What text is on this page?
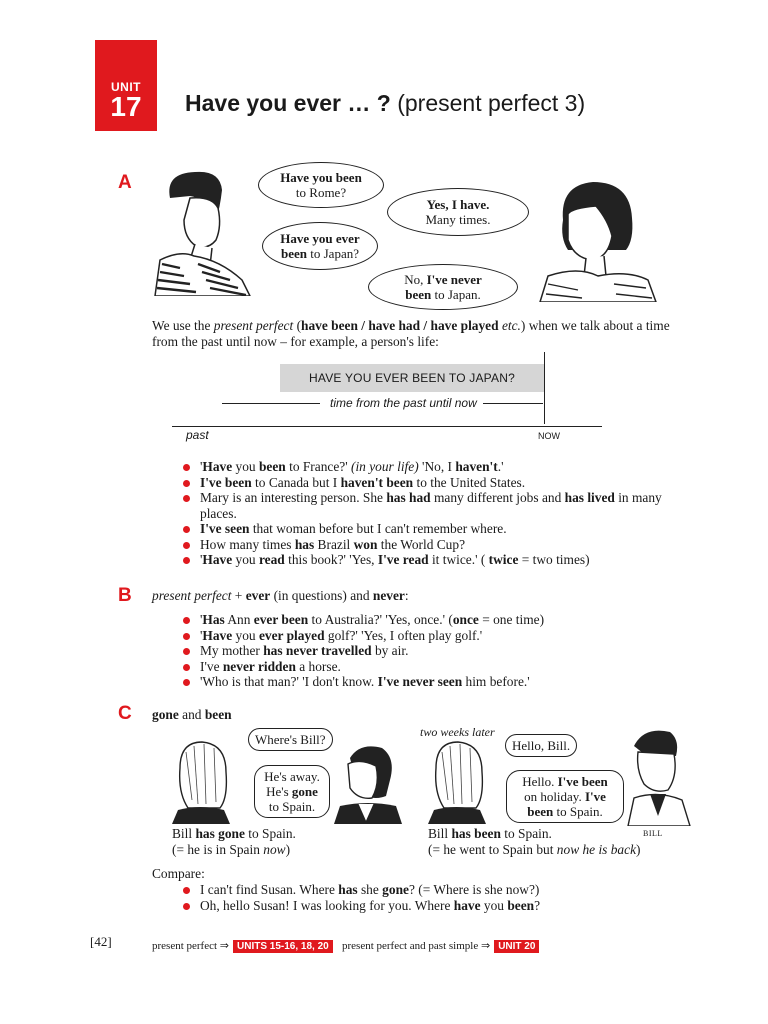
UNIT
17	Have you ever … ? (present perfect 3)
A	Have you been
to Rome?
Yes, I have.
Many times.
Have you ever
been to Japan?
No, I've never
been to Japan.
We use the present perfect (have been / have had / have played etc.) when we talk about a time
from the past until now – for example, a person's life:
HAVE YOU EVER BEEN TO JAPAN?
time from the past until now
past	NOW
'Have you been to France?' (in your life) 'No, I haven't.'
I've been to Canada but I haven't been to the United States.
Mary is an interesting person. She has had many different jobs and has lived in many
places.
I've seen that woman before but I can't remember where.
How many times has Brazil won the World Cup?
'Have you read this book?' 'Yes, I've read it twice.' ( twice = two times)
B present perfect + ever (in questions) and never:
'Has Ann ever been to Australia?' 'Yes, once.' (once = one time)
'Have you ever played golf?' 'Yes, I often play golf.'
My mother has never travelled by air.
I've never ridden a horse.
'Who is that man?' 'I don't know. I've never seen him before.'
C gone and been
Where's Bill?
He's away.
He's gone
to Spain.
Bill has gone to Spain.
(= he is in Spain now)
two weeks later
Hello, Bill.
Hello. I've been
on holiday. I've
been to Spain.
BILL
Bill has been to Spain.
(= he went to Spain but now he is back)
Compare:
I can't find Susan. Where has she gone? (= Where is she now?)
Oh, hello Susan! I was looking for you. Where have you been?
[42]	present perfect ⇒ UNITS 15-16, 18, 20	present perfect and past simple ⇒ UNIT 20
